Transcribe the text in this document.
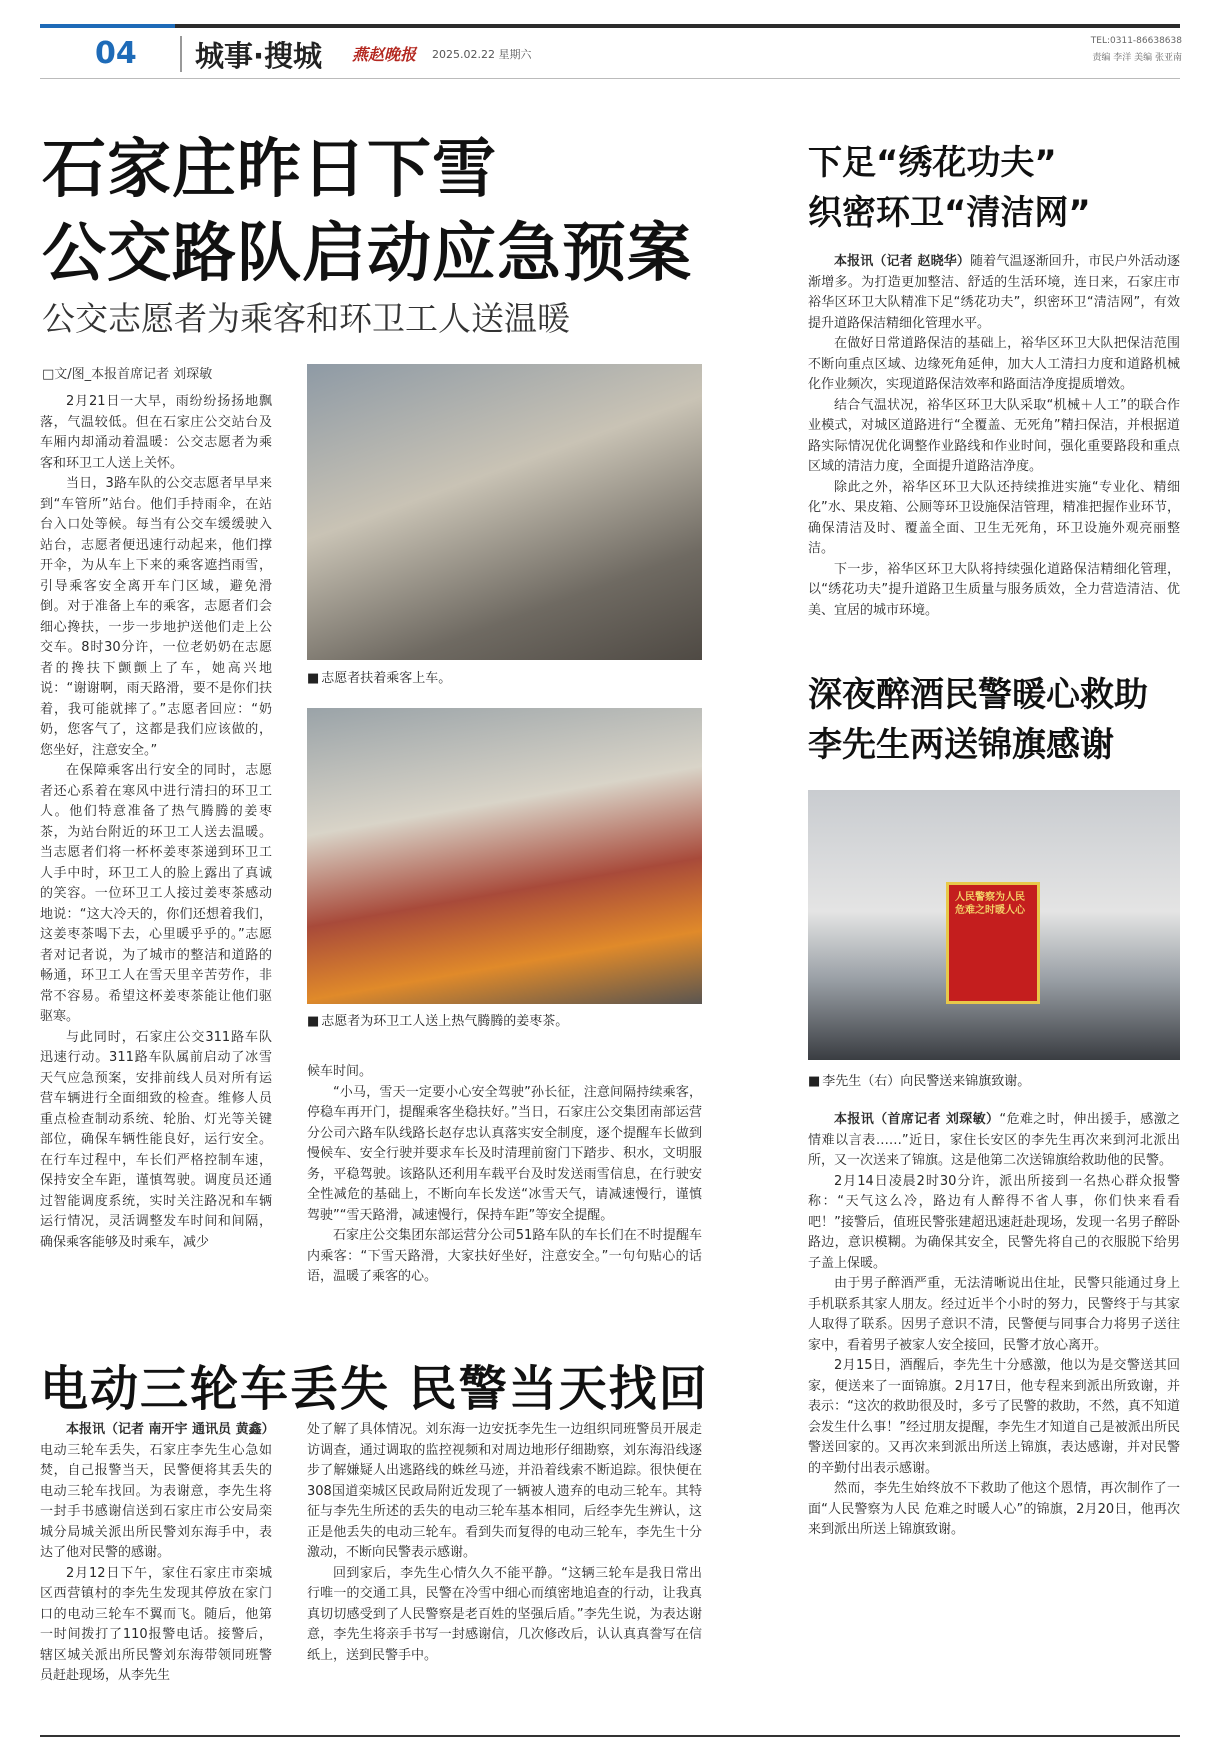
04 城事·搜城 燕赵晚报 2025.02.22 星期六
TEL:0311-86638638
责编 李洋 美编 张亚南
石家庄昨日下雪
公交路队启动应急预案
公交志愿者为乘客和环卫工人送温暖
□文/图_本报首席记者 刘琛敏

2月21日一大早，雨纷纷扬扬地飘落，气温较低。但在石家庄公交站台及车厢内却涌动着温暖：公交志愿者为乘客和环卫工人送上关怀。

当日，3路车队的公交志愿者早早来到“车管所”站台。他们手持雨伞，在站台入口处等候。每当有公交车缓缓驶入站台，志愿者便迅速行动起来，他们撑开伞，为从车上下来的乘客遮挡雨雪，引导乘客安全离开车门区域，避免滑倒。对于准备上车的乘客，志愿者们会细心搀扶，一步一步地护送他们走上公交车。8时30分许，一位老奶奶在志愿者的搀扶下颤颤上了车，她高兴地说：“谢谢啊，雨天路滑，要不是你们扶着，我可能就摔了。”志愿者回应：“奶奶，您客气了，这都是我们应该做的，您坐好，注意安全。”

在保障乘客出行安全的同时，志愿者还心系着在寒风中进行清扫的环卫工人。他们特意准备了热气腾腾的姜枣茶，为站台附近的环卫工人送去温暖。当志愿者们将一杯杯姜枣茶递到环卫工人手中时，环卫工人的脸上露出了真诚的笑容。一位环卫工人接过姜枣茶感动地说：“这大冷天的，你们还想着我们，这姜枣茶喝下去，心里暖乎乎的。”志愿者对记者说，为了城市的整洁和道路的畅通，环卫工人在雪天里辛苦劳作，非常不容易。希望这杯姜枣茶能让他们驱驱寒。

与此同时，石家庄公交311路车队迅速行动。311路车队属前启动了冰雪天气应急预案，安排前线人员对所有运营车辆进行全面细致的检查。维修人员重点检查制动系统、轮胎、灯光等关键部位，确保车辆性能良好，运行安全。在行车过程中，车长们严格控制车速，保持安全车距，谨慎驾驶。调度员还通过智能调度系统，实时关注路况和车辆运行情况，灵活调整发车时间和间隔，确保乘客能够及时乘车，减少

■ 志愿者扶着乘客上车。
■ 志愿者为环卫工人送上热气腾腾的姜枣茶。

候车时间。

“小马，雪天一定要小心安全驾驶”孙长征，注意间隔持续乘客，停稳车再开门，提醒乘客坐稳扶好。”当日，石家庄公交集团南部运营分公司六路车队线路长赵存忠认真落实安全制度，逐个提醒车长做到慢候车、安全行驶并要求车长及时清理前窗门下踏步、积水，文明服务，平稳驾驶。该路队还利用车载平台及时发送雨雪信息，在行驶安全性减危的基础上，不断向车长发送“冰雪天气，请减速慢行，谨慎驾驶”“雪天路滑，减速慢行，保持车距”等安全提醒。

石家庄公交集团东部运营分公司51路车队的车长们在不时提醒车内乘客：“下雪天路滑，大家扶好坐好，注意安全。”一句句贴心的话语，温暖了乘客的心。

下足“绣花功夫”
织密环卫“清洁网”

本报讯（记者 赵晓华）随着气温逐渐回升，市民户外活动逐渐增多。为打造更加整洁、舒适的生活环境，连日来，石家庄市裕华区环卫大队精准下足“绣花功夫”，织密环卫“清洁网”，有效提升道路保洁精细化管理水平。

在做好日常道路保洁的基础上，裕华区环卫大队把保洁范围不断向重点区域、边缘死角延伸，加大人工清扫力度和道路机械化作业频次，实现道路保洁效率和路面洁净度提质增效。

结合气温状况，裕华区环卫大队采取“机械＋人工”的联合作业模式，对城区道路进行“全覆盖、无死角”精扫保洁，并根据道路实际情况优化调整作业路线和作业时间，强化重要路段和重点区域的清洁力度，全面提升道路洁净度。

除此之外，裕华区环卫大队还持续推进实施“专业化、精细化”水、果皮箱、公厕等环卫设施保洁管理，精准把握作业环节，确保清洁及时、覆盖全面、卫生无死角，环卫设施外观亮丽整洁。

下一步，裕华区环卫大队将持续强化道路保洁精细化管理，以“绣花功夫”提升道路卫生质量与服务质效，全力营造清洁、优美、宜居的城市环境。

深夜醉酒民警暖心救助
李先生两送锦旗感谢
人民警察为人民 危难之时暖人心
■ 李先生（右）向民警送来锦旗致谢。

本报讯（首席记者 刘琛敏）“危难之时，伸出援手，感激之情难以言表……”近日，家住长安区的李先生再次来到河北派出所，又一次送来了锦旗。这是他第二次送锦旗给救助他的民警。

2月14日凌晨2时30分许，派出所接到一名热心群众报警称：“天气这么冷，路边有人醉得不省人事，你们快来看看吧！”接警后，值班民警张建超迅速赶赴现场，发现一名男子醉卧路边，意识模糊。为确保其安全，民警先将自己的衣服脱下给男子盖上保暖。

由于男子醉酒严重，无法清晰说出住址，民警只能通过身上手机联系其家人朋友。经过近半个小时的努力，民警终于与其家人取得了联系。因男子意识不清，民警便与同事合力将男子送往家中，看着男子被家人安全接回，民警才放心离开。

2月15日，酒醒后，李先生十分感激，他以为是交警送其回家，便送来了一面锦旗。2月17日，他专程来到派出所致谢，并表示：“这次的救助很及时，多亏了民警的救助，不然，真不知道会发生什么事！”经过朋友提醒，李先生才知道自己是被派出所民警送回家的。又再次来到派出所送上锦旗，表达感谢，并对民警的辛勤付出表示感谢。

然而，李先生始终放不下救助了他这个恩情，再次制作了一面“人民警察为人民 危难之时暖人心”的锦旗，2月20日，他再次来到派出所送上锦旗致谢。

电动三轮车丢失 民警当天找回

本报讯（记者 南开宇 通讯员 黄鑫）电动三轮车丢失，石家庄李先生心急如焚，自己报警当天，民警便将其丢失的电动三轮车找回。为表谢意，李先生将一封手书感谢信送到石家庄市公安局栾城分局城关派出所民警刘东海手中，表达了他对民警的感谢。

2月12日下午，家住石家庄市栾城区西营镇村的李先生发现其停放在家门口的电动三轮车不翼而飞。随后，他第一时间拨打了110报警电话。接警后，辖区城关派出所民警刘东海带领同班警员赶赴现场，从李先生

处了解了具体情况。刘东海一边安抚李先生一边组织同班警员开展走访调查，通过调取的监控视频和对周边地形仔细勘察，刘东海沿线逐步了解嫌疑人出逃路线的蛛丝马迹，并沿着线索不断追踪。很快便在308国道栾城区民政局附近发现了一辆被人遗弃的电动三轮车。其特征与李先生所述的丢失的电动三轮车基本相同，后经李先生辨认，这正是他丢失的电动三轮车。看到失而复得的电动三轮车，李先生十分激动，不断向民警表示感谢。

回到家后，李先生心情久久不能平静。“这辆三轮车是我日常出行唯一的交通工具，民警在冷雪中细心而缜密地追查的行动，让我真真切切感受到了人民警察是老百姓的坚强后盾。”李先生说，为表达谢意，李先生将亲手书写一封感谢信，几次修改后，认认真真誊写在信纸上，送到民警手中。
